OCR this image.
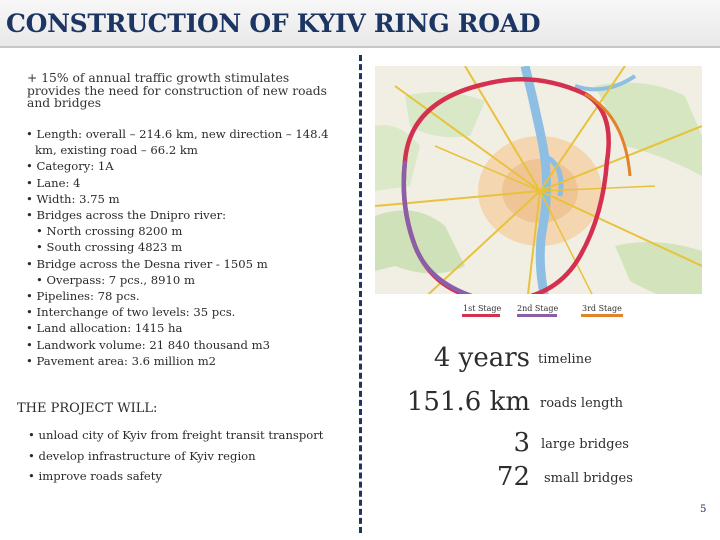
CONSTRUCTION OF KYIV RING ROAD
+ 15% of annual traffic growth stimulates provides the need for construction of new roads and bridges
• Length: overall – 214.6 km, new direction – 148.4
km, existing road – 66.2 km
• Category: 1A
• Lane: 4
• Width: 3.75 m
• Bridges across the Dnipro river:
• North crossing 8200 m
• South crossing 4823 m
• Bridge across the Desna river - 1505 m
• Overpass: 7 pcs., 8910 m
• Pipelines: 78 pcs.
• Interchange of two levels: 35 pcs.
• Land allocation: 1415 ha
• Landwork volume: 21 840 thousand m3
• Pavement area: 3.6 million m2
THE PROJECT WILL:
• unload city of Kyiv from freight transit transport
• develop infrastructure of Kyiv region
• improve roads safety
1st Stage 2nd Stage	3rd Stage
4 years timeline
151.6 km roads length
3 large bridges
72 small bridges
5
